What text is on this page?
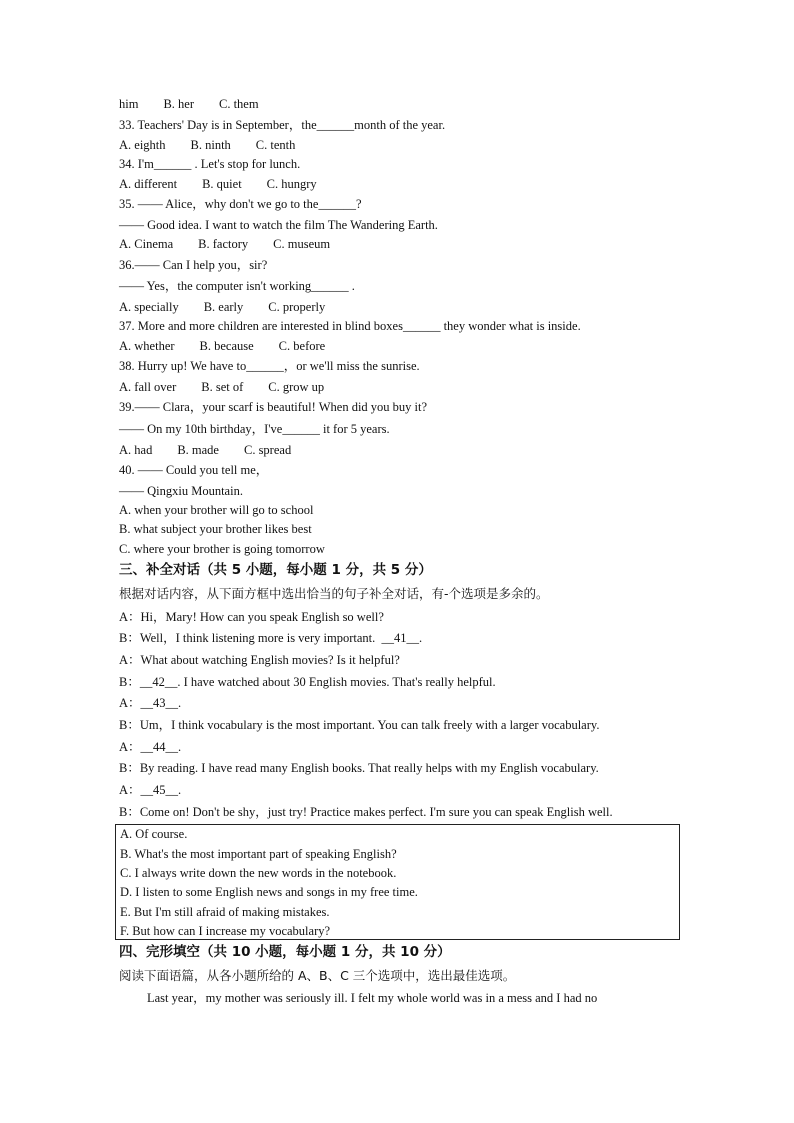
him        B. her        C. them
33. Teachers' Day is in September，the______month of the year.
A. eighth        B. ninth        C. tenth
34. I'm______ . Let's stop for lunch.
A. different        B. quiet        C. hungry
35. —— Alice，why don't we go to the______?
—— Good idea. I want to watch the film The Wandering Earth.
A. Cinema        B. factory        C. museum
36.—— Can I help you，sir?
—— Yes，the computer isn't working______ .
A. specially        B. early        C. properly
37. More and more children are interested in blind boxes______ they wonder what is inside.
A. whether        B. because        C. before
38. Hurry up! We have to______，or we'll miss the sunrise.
A. fall over        B. set of        C. grow up
39.—— Clara，your scarf is beautiful! When did you buy it?
—— On my 10th birthday，I've______ it for 5 years.
A. had        B. made        C. spread
40. —— Could you tell me，
—— Qingxiu Mountain.
A. when your brother will go to school
B. what subject your brother likes best
C. where your brother is going tomorrow
三、补全对话（共 5 小题，每小题 1 分，共 5 分）
根据对话内容，从下面方框中选出恰当的句子补全对话，有-个选项是多余的。
A：Hi，Mary! How can you speak English so well?
B：Well，I think listening more is very important.  __41__.
A：What about watching English movies? Is it helpful?
B：__42__. I have watched about 30 English movies. That's really helpful.
A：__43__.
B：Um，I think vocabulary is the most important. You can talk freely with a larger vocabulary.
A：__44__.
B：By reading. I have read many English books. That really helps with my English vocabulary.
A：__45__.
B：Come on! Don't be shy，just try! Practice makes perfect. I'm sure you can speak English well.
A. Of course.
B. What's the most important part of speaking English?
C. I always write down the new words in the notebook.
D. I listen to some English news and songs in my free time.
E. But I'm still afraid of making mistakes.
F. But how can I increase my vocabulary?
四、完形填空（共 10 小题，每小题 1 分，共 10 分）
阅读下面语篇，从各小题所给的 A、B、C 三个选项中，选出最佳选项。
Last year，my mother was seriously ill. I felt my whole world was in a mess and I had no
